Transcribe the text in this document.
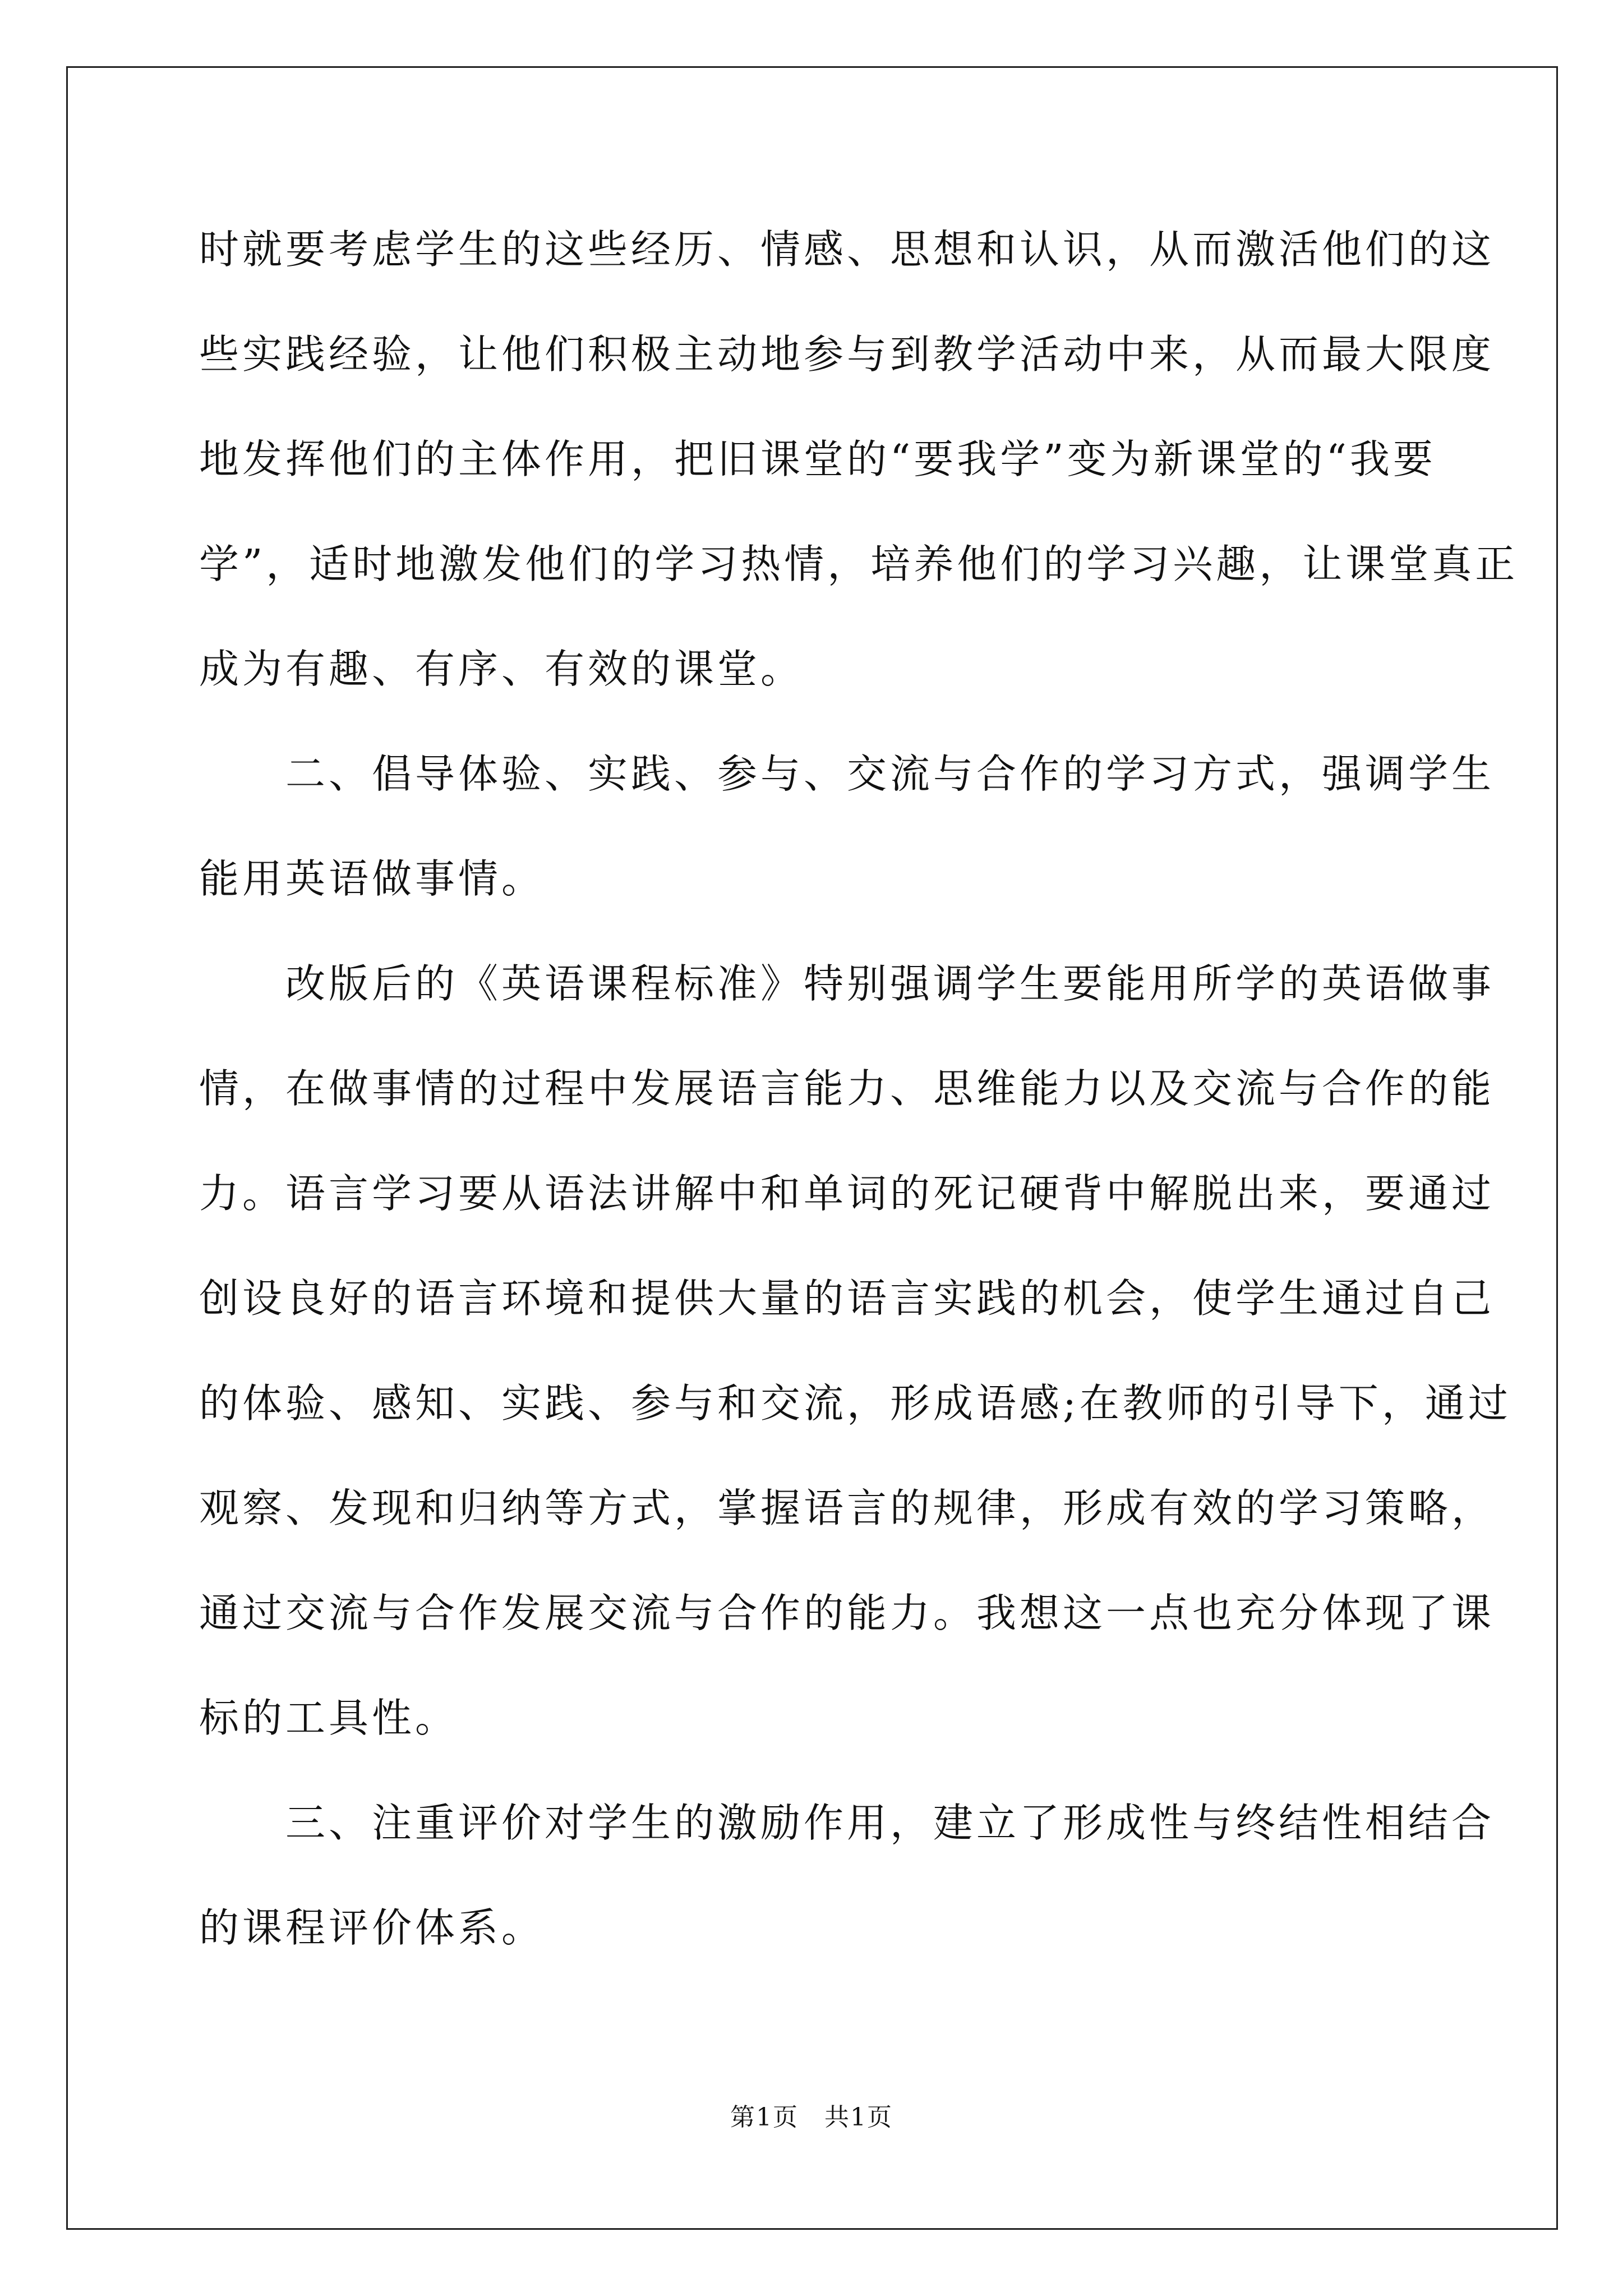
时就要考虑学生的这些经历、情感、思想和认识，从而激活他们的这
些实践经验，让他们积极主动地参与到教学活动中来，从而最大限度
地发挥他们的主体作用，把旧课堂的“要我学”变为新课堂的“我要
学”，适时地激发他们的学习热情，培养他们的学习兴趣，让课堂真正
成为有趣、有序、有效的课堂。
　　二、倡导体验、实践、参与、交流与合作的学习方式，强调学生
能用英语做事情。
　　改版后的《英语课程标准》特别强调学生要能用所学的英语做事
情，在做事情的过程中发展语言能力、思维能力以及交流与合作的能
力。语言学习要从语法讲解中和单词的死记硬背中解脱出来，要通过
创设良好的语言环境和提供大量的语言实践的机会，使学生通过自己
的体验、感知、实践、参与和交流，形成语感;在教师的引导下，通过
观察、发现和归纳等方式，掌握语言的规律，形成有效的学习策略，
通过交流与合作发展交流与合作的能力。我想这一点也充分体现了课
标的工具性。
　　三、注重评价对学生的激励作用，建立了形成性与终结性相结合
的课程评价体系。
第1页　共1页
